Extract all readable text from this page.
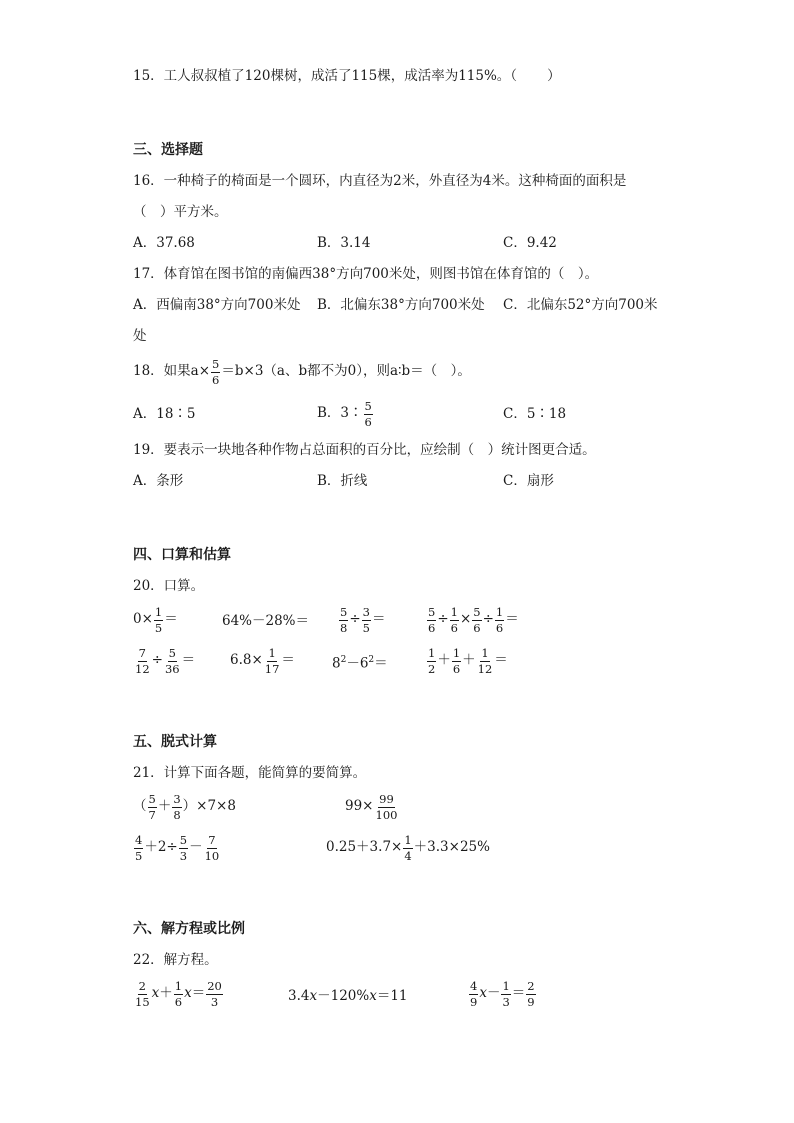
15．工人叔叔植了120棵树，成活了115棵，成活率为115%。（ ）
三、选择题
16．一种椅子的椅面是一个圆环，内直径为2米，外直径为4米。这种椅面的面积是
（　）平方米。
A．37.68	B．3.14	C．9.42
17．体育馆在图书馆的南偏西38°方向700米处，则图书馆在体育馆的（　）。
A．西偏南38°方向700米处 B．北偏东38°方向700米处 C．北偏东52°方向700米
处
18．如果$a\times \frac{5}{6} =b\times 3(a$、b都不为0），则a∶b＝（　）。
A．18∶5	B．3∶ $\frac{5}{6}$	C．5∶18
19．要表示一块地各种作物占总面积的百分比，应绘制（　）统计图更合适。
A．条形	B．折线	C．扇形
四、口算和估算
20．口算。
$0\times \frac{1}{5}$ ＝	64%－28%＝	$\frac{5}{8} \div \frac{3}{5}$ ＝	$\frac{5}{6} \div \frac{1}{6} \times \frac{5}{6} \div \frac{1}{6}$ ＝
$\frac{7}{12} \div \frac{5}{36}$ ＝	$6.8\times \frac{1}{17}$ ＝	$8^2-6^2=$	$\frac{1}{2} + \frac{1}{6} + \frac{1}{12}$ ＝
五、脱式计算
21．计算下面各题，能简算的要简算。
（ $\frac{5}{7} + \frac{3}{8}$ ） ×7×8	$99\times \frac{99}{100}$
$\frac{4}{5} +2\div \frac{5}{3} - \frac{7}{10}$	$0.25+3.7\times \frac{1}{4} +3.3\times 25\%$
六、解方程或比例
22．解方程。
$\frac{2}{15}$ $x + \frac{1}{6}$ $x = \frac{20}{3}$	3.4x－120%x＝11	$\frac{4}{9}$ $x - \frac{1}{3} = \frac{2}{9}$
